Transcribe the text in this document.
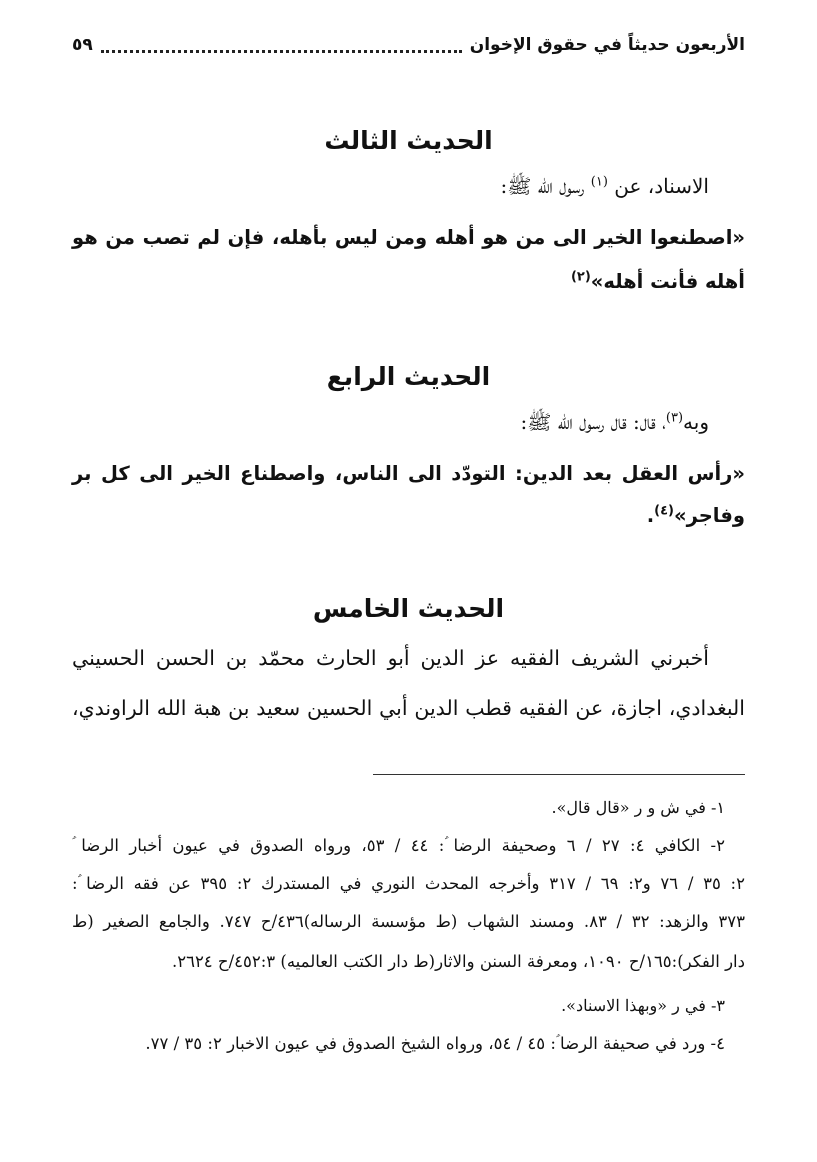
الأربعون حديثاً في حقوق الإخوان
٥٩
الحديث الثالث
الاسناد، عن $^{(١)}$ رسول الله ﷺ:
«اصطنعوا الخير الى من هو أهله ومن ليس بأهله، فإن لم تصب من هو
أهله فأنت أهله»$^{(٢)}$
الحديث الرابع
وبه$^{(٣)}$، قال: قال رسول الله ﷺ:
«رأس العقل بعد الدين: التودّد الى الناس، واصطناع الخير الى كل بر
وفاجر»$^{(٤)}$.
الحديث الخامس
أخبرني الشريف الفقيه عز الدين أبو الحارث محمّد بن الحسن الحسيني
البغدادي، اجازة، عن الفقيه قطب الدين أبي الحسين سعيد بن هبة الله الراوندي،
١- في ش و ر «قال قال».
٢- الكافي ٤: ٢٧ / ٦ وصحيفة الرضا ؑ: ٤٤ / ٥٣، ورواه الصدوق في عيون أخبار الرضا ؑ
٢: ٣٥ / ٧٦ و٢: ٦٩ / ٣١٧ وأخرجه المحدث النوري في المستدرك ٢: ٣٩٥ عن فقه الرضا ؑ:
٣٧٣ والزهد: ٣٢ / ٨٣. ومسند الشهاب (ط مؤسسة الرساله)٤٣٦/ح ٧٤٧. والجامع الصغير (ط
دار الفكر):١٦٥/ح ١٠٩٠، ومعرفة السنن والاثار(ط دار الكتب العالميه) ٤٥٢:٣/ح ٢٦٢٤.
٣- في ر «وبهذا الاسناد».
٤- ورد في صحيفة الرضا ؑ: ٤٥ / ٥٤، ورواه الشيخ الصدوق في عيون الاخبار ٢: ٣٥ / ٧٧.
